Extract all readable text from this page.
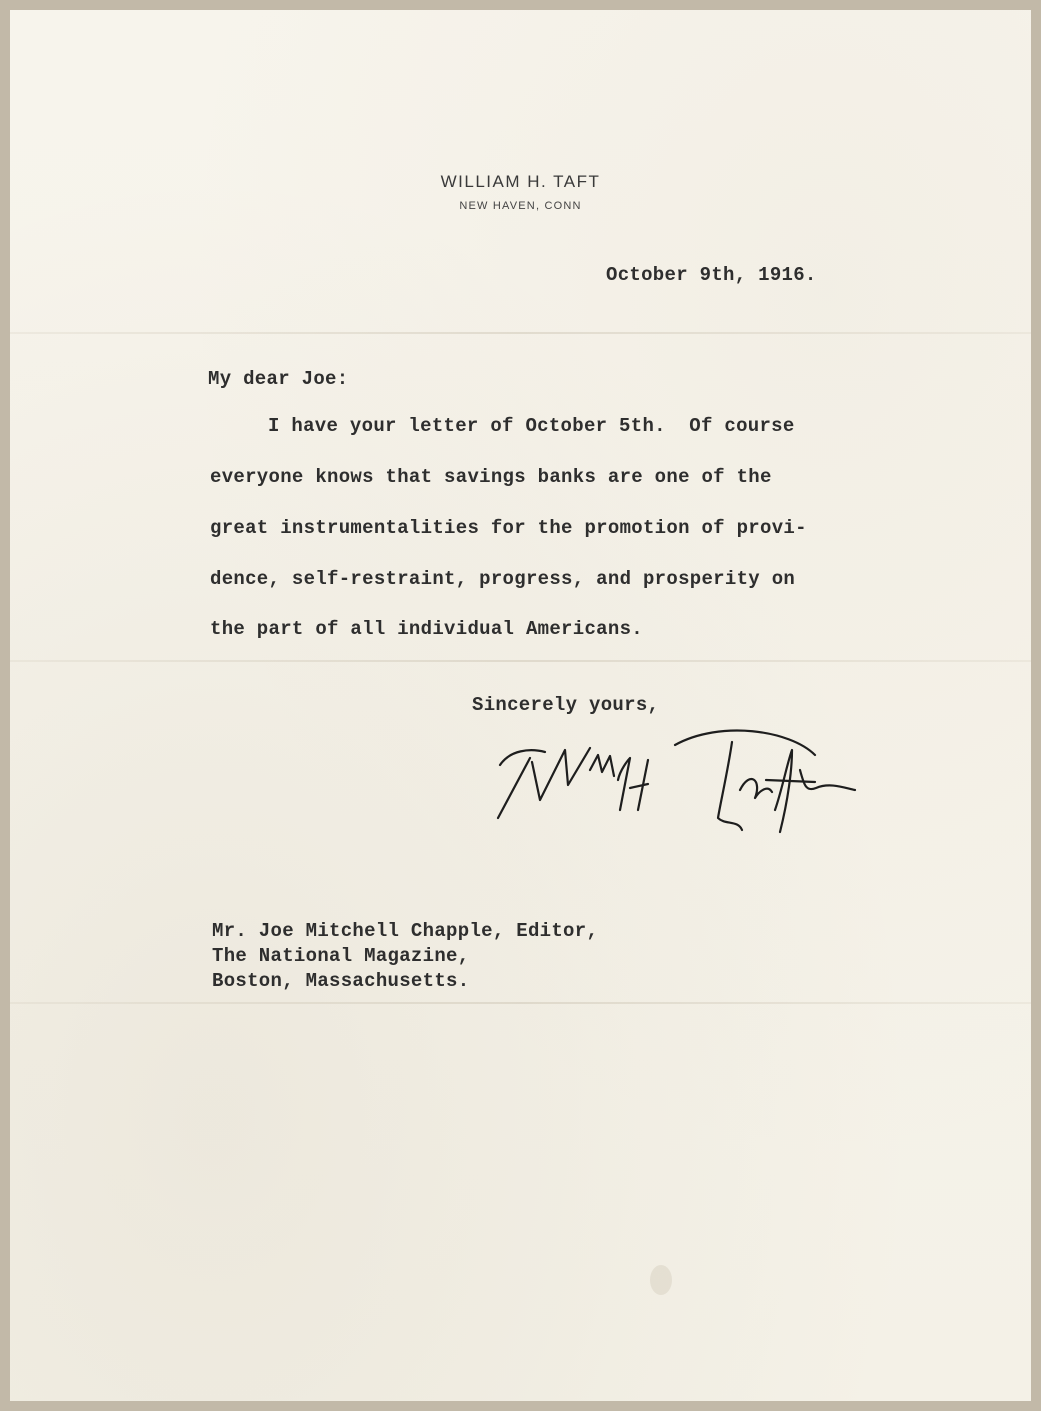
WILLIAM H. TAFT
NEW HAVEN, CONN
October 9th, 1916.
My dear Joe:
I have your letter of October 5th.  Of course
everyone knows that savings banks are one of the
great instrumentalities for the promotion of provi-
dence, self-restraint, progress, and prosperity on
the part of all individual Americans.
Sincerely yours,
Mr. Joe Mitchell Chapple, Editor,
The National Magazine,
Boston, Massachusetts.
